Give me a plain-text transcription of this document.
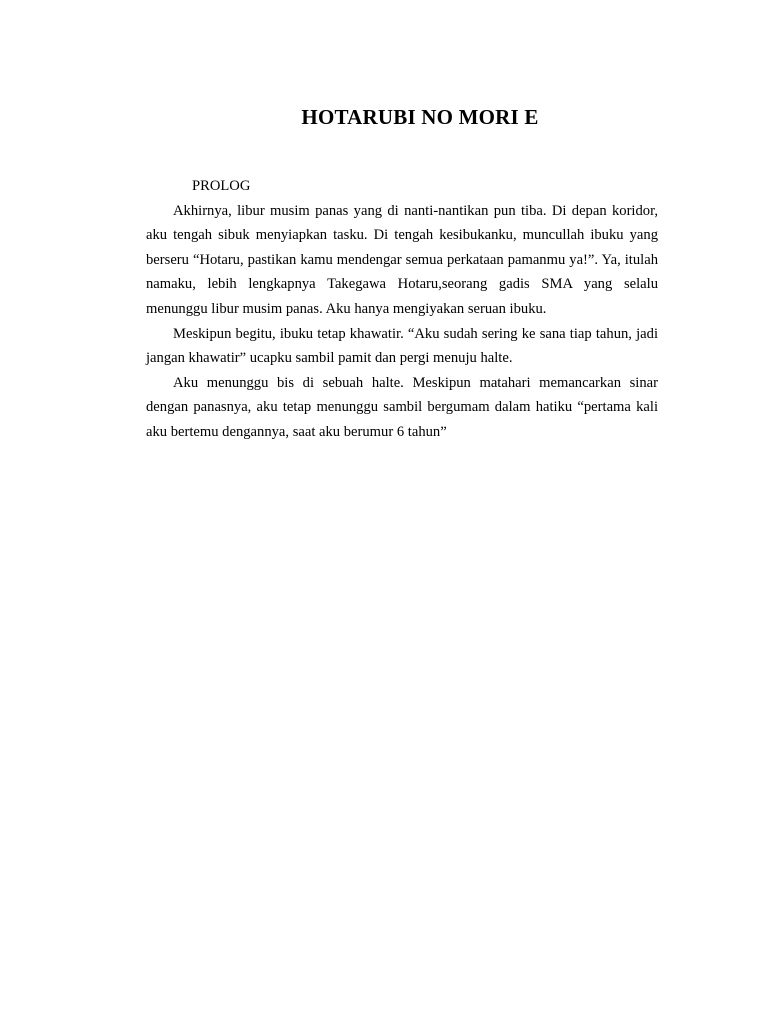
HOTARUBI NO MORI E
PROLOG

Akhirnya, libur musim panas yang di nanti-nantikan pun tiba. Di depan koridor, aku tengah sibuk menyiapkan tasku. Di tengah kesibukanku, muncullah ibuku yang berseru “Hotaru, pastikan kamu mendengar semua perkataan pamanmu ya!”. Ya, itulah namaku, lebih lengkapnya Takegawa Hotaru,seorang gadis SMA yang selalu menunggu libur musim panas. Aku hanya mengiyakan seruan ibuku.

Meskipun begitu, ibuku tetap khawatir. “Aku sudah sering ke sana tiap tahun, jadi jangan khawatir” ucapku sambil pamit dan pergi menuju halte.

Aku menunggu bis di sebuah halte. Meskipun matahari memancarkan sinar dengan panasnya, aku tetap menunggu sambil bergumam dalam hatiku “pertama kali aku bertemu dengannya, saat aku berumur 6 tahun”
